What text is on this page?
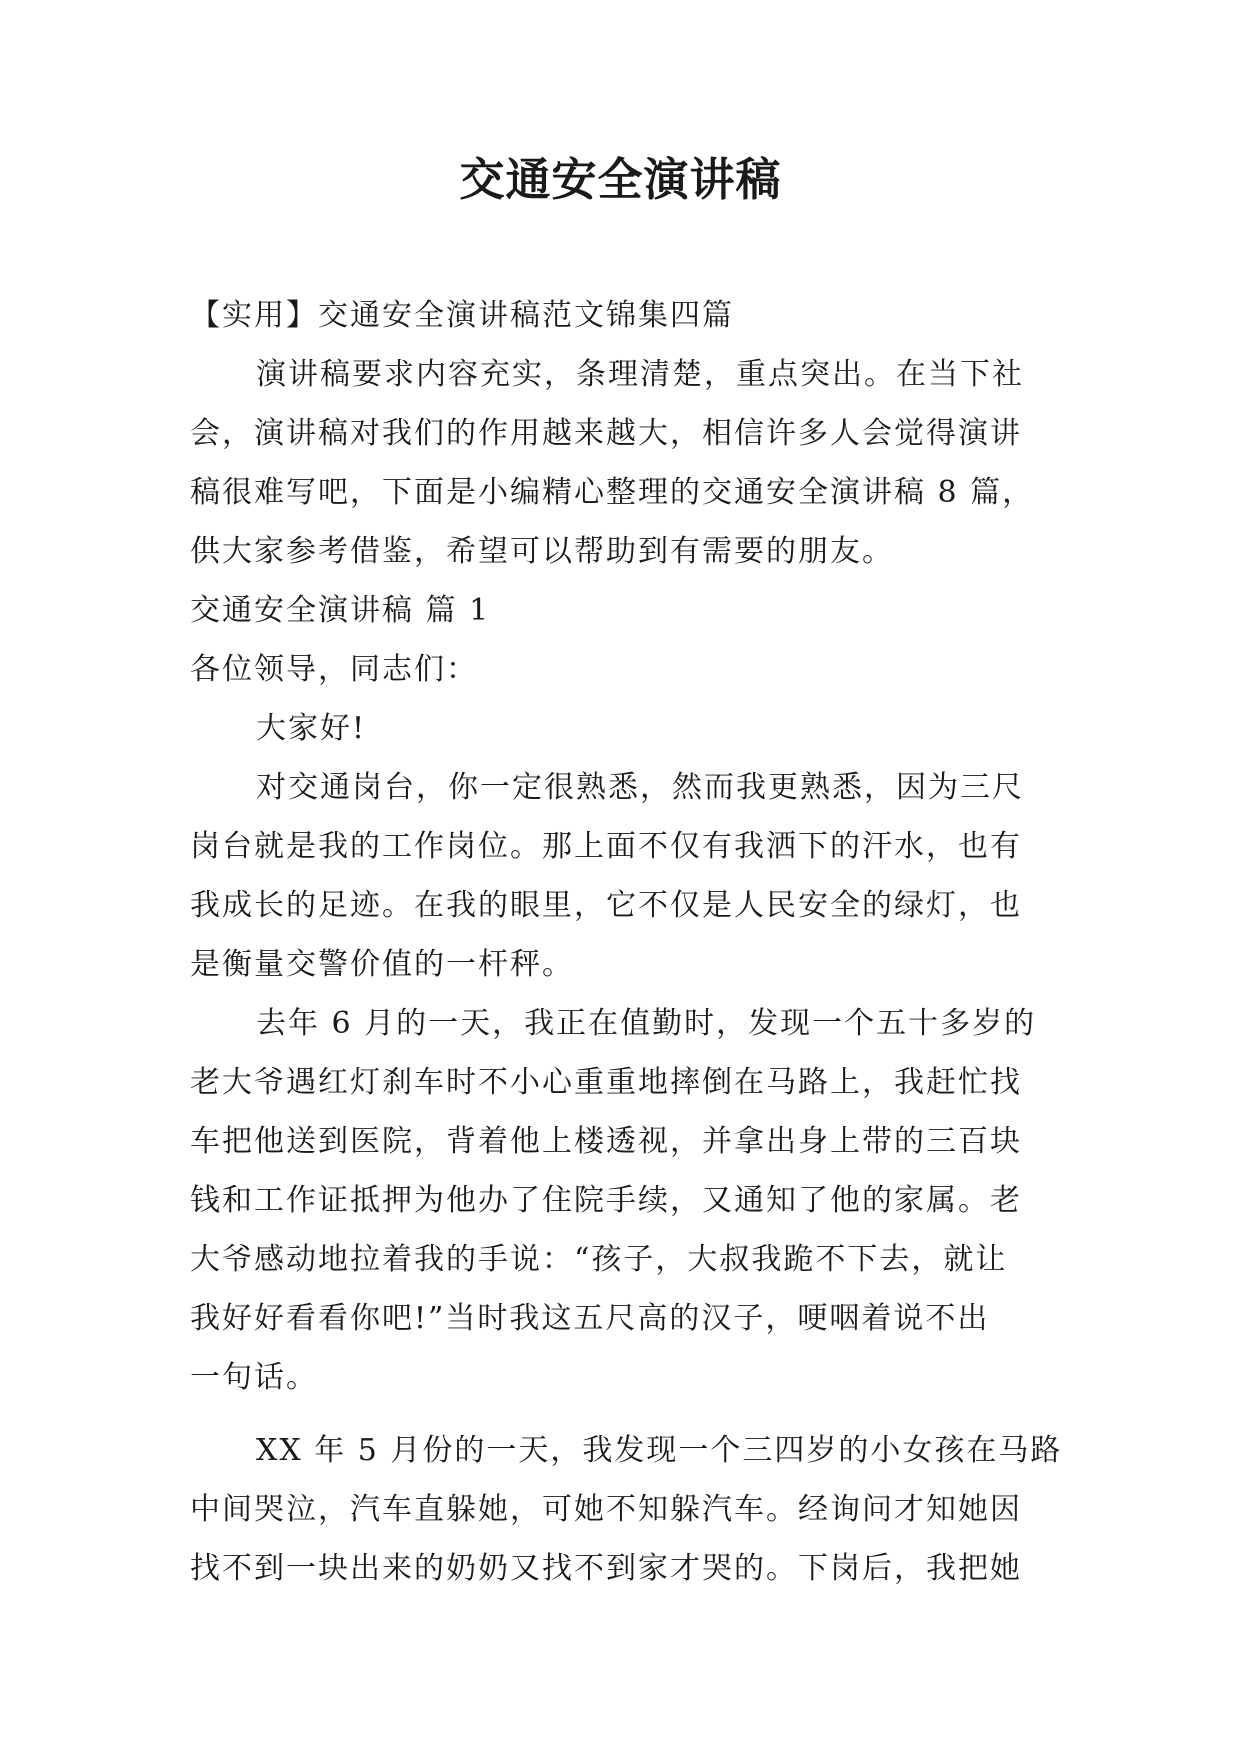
交通安全演讲稿

【实用】交通安全演讲稿范文锦集四篇

演讲稿要求内容充实，条理清楚，重点突出。在当下社

会，演讲稿对我们的作用越来越大，相信许多人会觉得演讲

稿很难写吧，下面是小编精心整理的交通安全演讲稿 8 篇，

供大家参考借鉴，希望可以帮助到有需要的朋友。

交通安全演讲稿 篇 1

各位领导，同志们：

大家好!

对交通岗台，你一定很熟悉，然而我更熟悉，因为三尺

岗台就是我的工作岗位。那上面不仅有我洒下的汗水，也有

我成长的足迹。在我的眼里，它不仅是人民安全的绿灯，也

是衡量交警价值的一杆秤。

去年 6 月的一天，我正在值勤时，发现一个五十多岁的

老大爷遇红灯刹车时不小心重重地摔倒在马路上，我赶忙找

车把他送到医院，背着他上楼透视，并拿出身上带的三百块

钱和工作证抵押为他办了住院手续，又通知了他的家属。老

大爷感动地拉着我的手说：“孩子，大叔我跪不下去，就让

我好好看看你吧!”当时我这五尺高的汉子，哽咽着说不出

一句话。

XX 年 5 月份的一天，我发现一个三四岁的小女孩在马路

中间哭泣，汽车直躲她，可她不知躲汽车。经询问才知她因

找不到一块出来的奶奶又找不到家才哭的。下岗后，我把她
